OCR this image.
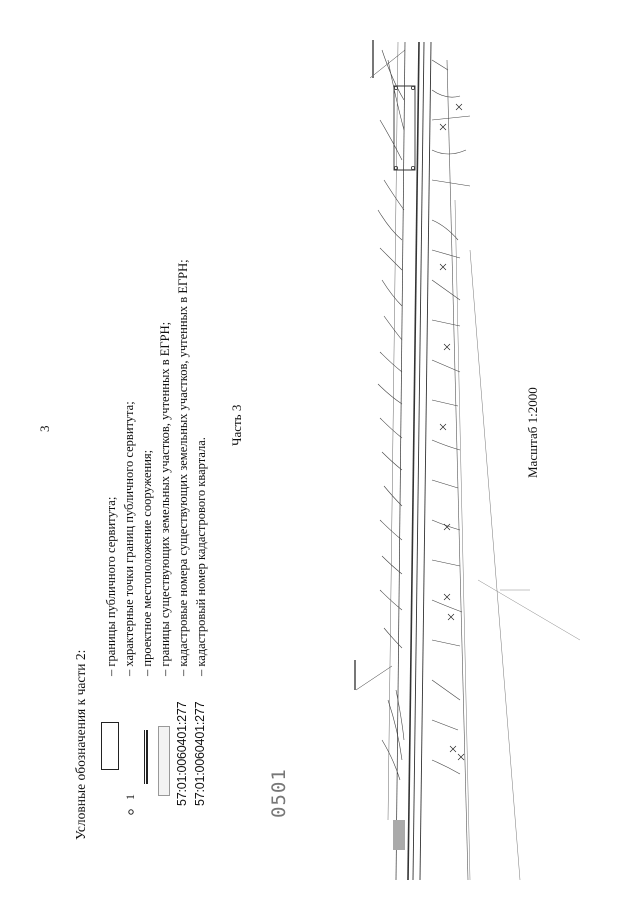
3
Условные обозначения к части 2:	1	57:01:0060401:277 57:01:0060401:277
– границы публичного сервитута; – характерные точки границ публичного сервитута; – проектное местоположение сооружения; – границы существующих земельных участков, учтенных в ЕГРН; – кадастровые номера существующих земельных участков, учтенных в ЕГРН; – кадастровый номер кадастрового квартала.
Часть 3
0501
Масштаб 1:2000
